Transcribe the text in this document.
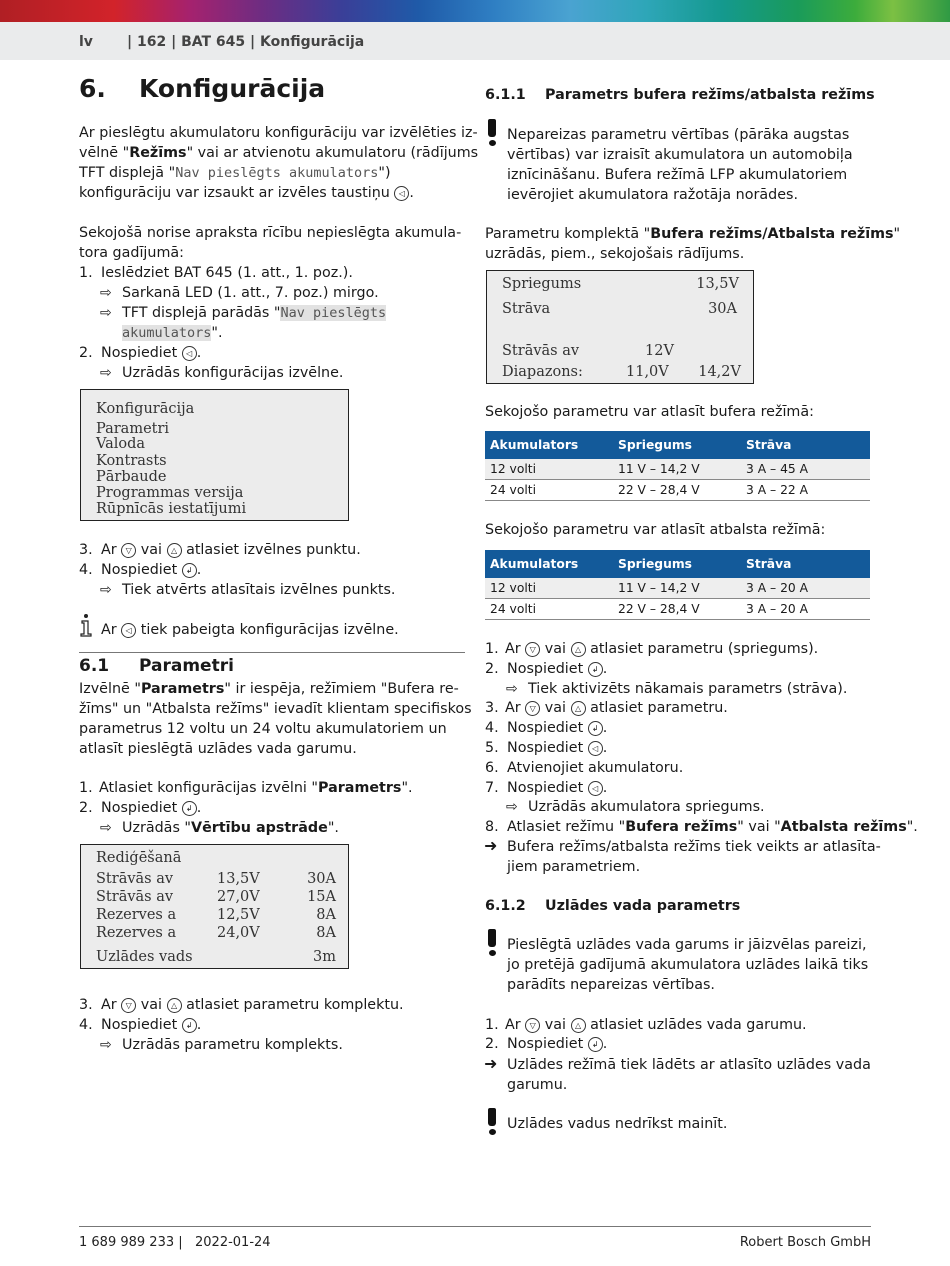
lv | 162 | BAT 645 | Konfigurācija
6. Konfigurācija
Ar pieslēgtu akumulatoru konfigurāciju var izvēlēties iz-
vēlnē "Režīms" vai ar atvienotu akumulatoru (rādījums
TFT displejā "Nav pieslēgts akumulators")
konfigurāciju var izsaukt ar izvēles taustiņu ◁ .
Sekojošā norise apraksta rīcību nepieslēgta akumula-
tora gadījumā:
1. Ieslēdziet BAT 645 (1. att., 1. poz.).
⇨ Sarkanā LED (1. att., 7. poz.) mirgo.
⇨ TFT displejā parādās "Nav pieslēgts
akumulators".
2. Nospiediet ◁ .
⇨ Uzrādās konfigurācijas izvēlne.
Konfigurācija
Parametri
Valoda
Kontrasts
Pārbaude
Programmas versija
Rūpnīcās iestatījumi
3. Ar ▽ vai △ atlasiet izvēlnes punktu.
4. Nospiediet ↲ .
⇨ Tiek atvērts atlasītais izvēlnes punkts.
Ar ◁ tiek pabeigta konfigurācijas izvēlne.
6.1 Parametri
Izvēlnē "Parametrs" ir iespēja, režīmiem "Bufera re-
žīms" un "Atbalsta režīms" ievadīt klientam specifiskos
parametrus 12 voltu un 24 voltu akumulatoriem un
atlasīt pieslēgtā uzlādes vada garumu.
1. Atlasiet konfigurācijas izvēlni "Parametrs".
2. Nospiediet ↲ .
⇨ Uzrādās "Vērtību apstrāde".
Rediģēšanā
Strāvās av	13,5V	30A
Strāvās av	27,0V	15A
Rezerves a	12,5V	8A
Rezerves a	24,0V	8A
Uzlādes vads	3m
3. Ar ▽ vai △ atlasiet parametru komplektu.
4. Nospiediet ↲ .
⇨ Uzrādās parametru komplekts.
6.1.1 Parametrs bufera režīms/atbalsta režīms
Nepareizas parametru vērtības (pārāka augstas
vērtības) var izraisīt akumulatora un automobiļa
iznīcināšanu. Bufera režīmā LFP akumulatoriem
ievērojiet akumulatora ražotāja norādes.
Parametru komplektā "Bufera režīms/Atbalsta režīms"
uzrādās, piem., sekojošais rādījums.
Spriegums	13,5V
Strāva	30A
Strāvās av	12V
Diapazons:	11,0V 14,2V
Sekojošo parametru var atlasīt bufera režīmā:
Akumulators	Spriegums	Strāva
12 volti	11 V – 14,2 V	3 A – 45 A
24 volti	22 V – 28,4 V	3 A – 22 A
Sekojošo parametru var atlasīt atbalsta režīmā:
Akumulators	Spriegums	Strāva
12 volti	11 V – 14,2 V	3 A – 20 A
24 volti	22 V – 28,4 V	3 A – 20 A
1. Ar ▽ vai △ atlasiet parametru (spriegums).
2. Nospiediet ↲ .
⇨ Tiek aktivizēts nākamais parametrs (strāva).
3. Ar ▽ vai △ atlasiet parametru.
4. Nospiediet ↲ .
5. Nospiediet ◁ .
6. Atvienojiet akumulatoru.
7. Nospiediet ◁ .
⇨ Uzrādās akumulatora spriegums.
8. Atlasiet režīmu "Bufera režīms" vai "Atbalsta režīms".
➜ Bufera režīms/atbalsta režīms tiek veikts ar atlasīta-
jiem parametriem.
6.1.2 Uzlādes vada parametrs
Pieslēgtā uzlādes vada garums ir jāizvēlas pareizi,
jo pretējā gadījumā akumulatora uzlādes laikā tiks
parādīts nepareizas vērtības.
1. Ar ▽ vai △ atlasiet uzlādes vada garumu.
2. Nospiediet ↲ .
➜ Uzlādes režīmā tiek lādēts ar atlasīto uzlādes vada
garumu.
Uzlādes vadus nedrīkst mainīt.
1 689 989 233 |   2022-01-24	Robert Bosch GmbH
